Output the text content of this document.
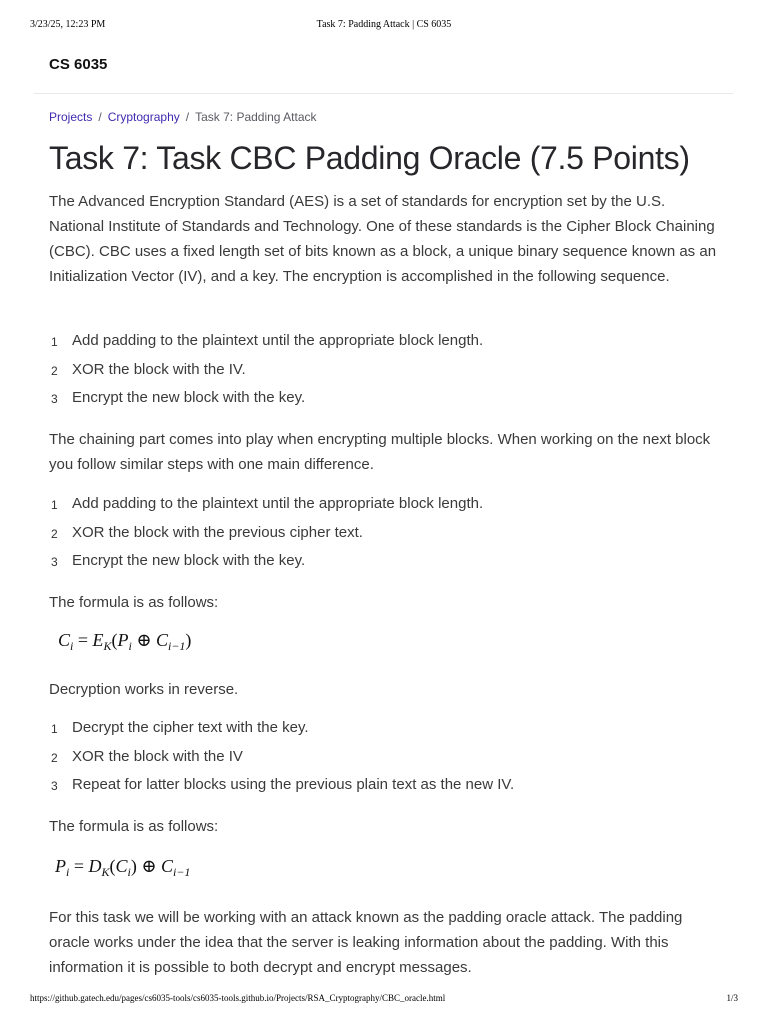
3/23/25, 12:23 PM	Task 7: Padding Attack | CS 6035
CS 6035
Projects / Cryptography / Task 7: Padding Attack
Task 7: Task CBC Padding Oracle (7.5 Points)

The Advanced Encryption Standard (AES) is a set of standards for encryption set by the U.S. National Institute of Standards and Technology. One of these standards is the Cipher Block Chaining (CBC). CBC uses a fixed length set of bits known as a block, a unique binary sequence known as an Initialization Vector (IV), and a key. The encryption is accomplished in the following sequence.

1 Add padding to the plaintext until the appropriate block length.
2 XOR the block with the IV.
3 Encrypt the new block with the key.

The chaining part comes into play when encrypting multiple blocks. When working on the next block you follow similar steps with one main difference.

1 Add padding to the plaintext until the appropriate block length.
2 XOR the block with the previous cipher text.
3 Encrypt the new block with the key.

The formula is as follows:

$C_i = E_K(P_i$ ⊕ $C_{i-1}$)

Decryption works in reverse.

1 Decrypt the cipher text with the key.
2 XOR the block with the IV
3 Repeat for latter blocks using the previous plain text as the new IV.

The formula is as follows:

$P_i = D_K(C_i)$ ⊕ $C_{i-1}$

For this task we will be working with an attack known as the padding oracle attack. The padding oracle works under the idea that the server is leaking information about the padding. With this information it is possible to both decrypt and encrypt messages.

https://github.gatech.edu/pages/cs6035-tools/cs6035-tools.github.io/Projects/RSA_Cryptography/CBC_oracle.html	1/3
